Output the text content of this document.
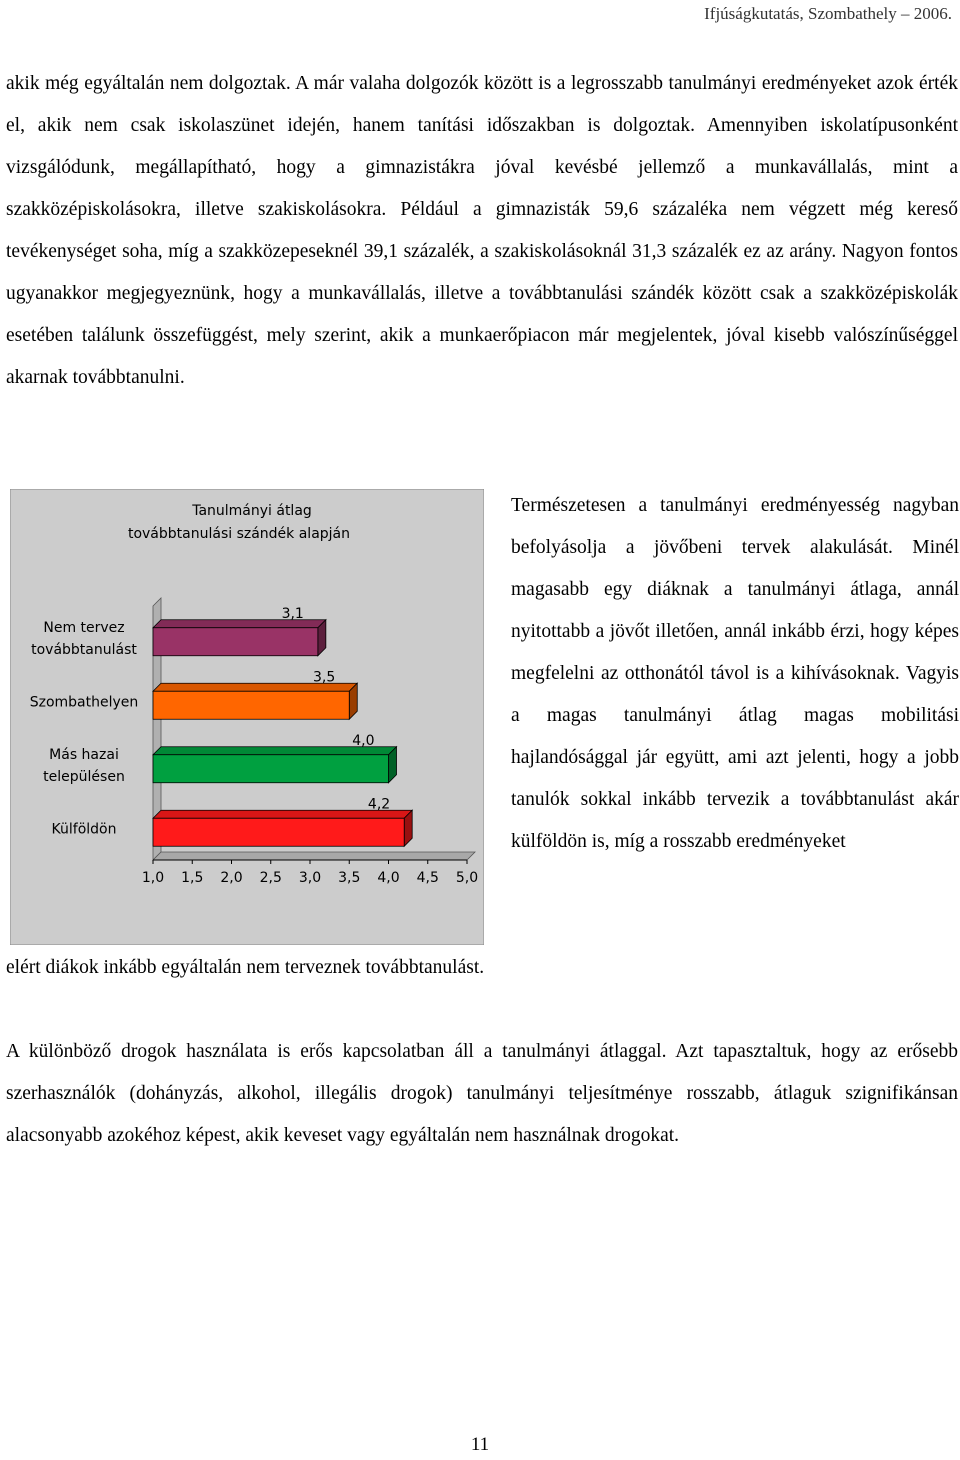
Ifjúságkutatás, Szombathely – 2006.

akik még egyáltalán nem dolgoztak. A már valaha dolgozók között is a legrosszabb tanulmányi eredményeket azok érték el, akik nem csak iskolaszünet idején, hanem tanítási időszakban is dolgoztak. Amennyiben iskolatípusonként vizsgálódunk, megállapítható, hogy a gimnazistákra jóval kevésbé jellemző a munkavállalás, mint a szakközépiskolásokra, illetve szakiskolásokra. Például a gimnazisták 59,6 százaléka nem végzett még kereső tevékenységet soha, míg a szakközepeseknél 39,1 százalék, a szakiskolásoknál 31,3 százalék ez az arány. Nagyon fontos ugyanakkor megjegyeznünk, hogy a munkavállalás, illetve a továbbtanulási szándék között csak a szakközépiskolák esetében találunk összefüggést, mely szerint, akik a munkaerőpiacon már megjelentek, jóval kisebb valószínűséggel akarnak továbbtanulni.

Tanulmányi átlag
továbbtanulási szándék alapján
3,1
Nem tervez
továbbtanulást
3,5
Szombathelyen
4,0
Más hazai
településen
4,2
Külföldön
1,0 1,5 2,0 2,5 3,0 3,5 4,0 4,5 5,0

Természetesen a tanulmányi eredményesség nagyban befolyásolja a jövőbeni tervek alakulását. Minél magasabb egy diáknak a tanulmányi átlaga, annál nyitottabb a jövőt illetően, annál inkább érzi, hogy képes megfelelni az otthonától távol is a kihívásoknak. Vagyis a magas tanulmányi átlag magas mobilitási hajlandósággal jár együtt, ami azt jelenti, hogy a jobb tanulók sokkal inkább tervezik a továbbtanulást akár külföldön is, míg a rosszabb eredményeket

elért diákok inkább egyáltalán nem terveznek továbbtanulást.

A különböző drogok használata is erős kapcsolatban áll a tanulmányi átlaggal. Azt tapasztaltuk, hogy az erősebb szerhasználók (dohányzás, alkohol, illegális drogok) tanulmányi teljesítménye rosszabb, átlaguk szignifikánsan alacsonyabb azokéhoz képest, akik keveset vagy egyáltalán nem használnak drogokat.

11
